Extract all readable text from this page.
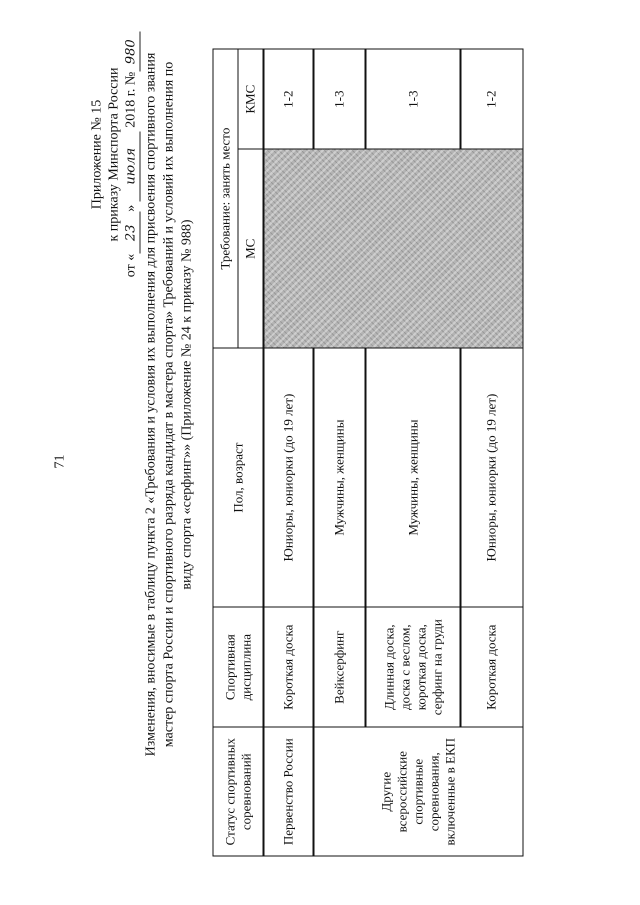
71
Приложение № 15 к приказу Минспорта России
от «23» июля 2018 г. №980
Изменения, вносимые в таблицу пункта 2 «Требования и условия их выполнения для присвоения спортивного звания мастер спорта России и спортивного разряда кандидат в мастера спорта» Требований и условий их выполнения по виду спорта «серфинг»» (Приложение № 24 к приказу № 988)
Статус спортивных соревнований	Спортивная дисциплина	Пол, возраст	Требование: занять место	
			МС	КМС
Первенство России	Короткая доска	Юниоры, юниорки (до 19 лет)		1-2
Другие всероссийские спортивные соревнования, включенные в ЕКП	Вейксерфинг	Мужчины, женщины		1-3
	Длинная доска, доска с веслом, короткая доска, серфинг на груди	Мужчины, женщины		1-3
	Короткая доска	Юниоры, юниорки (до 19 лет)		1-2
